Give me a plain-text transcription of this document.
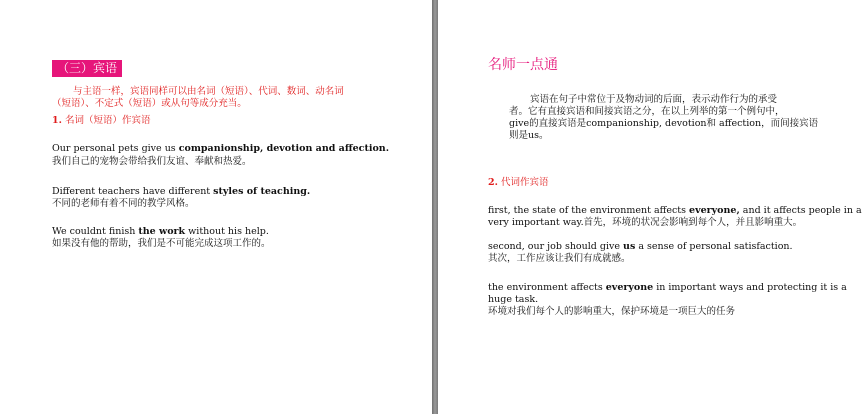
（三）宾语
与主语一样，宾语同样可以由名词（短语）、代词、数词、动名词
（短语）、不定式（短语）或从句等成分充当。
1. 名词（短语）作宾语
Our personal pets give us companionship, devotion and affection.
我们自己的宠物会带给我们友谊、奉献和热爱。
Different teachers have different styles of teaching.
不同的老师有着不同的教学风格。
We couldnt finish the work without his help.
如果没有他的帮助，我们是不可能完成这项工作的。
名师一点通
宾语在句子中常位于及物动词的后面，表示动作行为的承受
者。它有直接宾语和间接宾语之分，在以上列举的第一个例句中，
give的直接宾语是companionship, devotion和 affection，而间接宾语
则是us。
2. 代词作宾语
first, the state of the environment affects everyone, and it affects people in a
very important way.首先，环境的状况会影响到每个人，并且影响重大。
second, our job should give us a sense of personal satisfaction.
其次，工作应该让我们有成就感。
the environment affects everyone in important ways and protecting it is a
huge task.
环境对我们每个人的影响重大，保护环境是一项巨大的任务
